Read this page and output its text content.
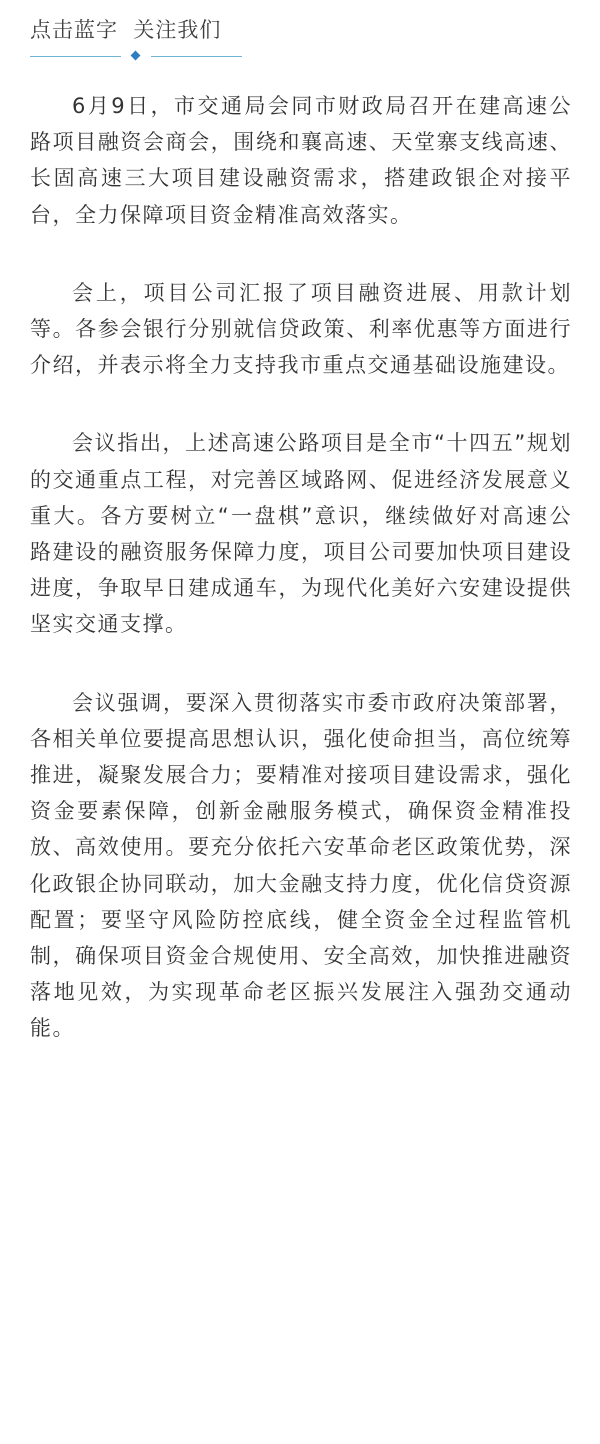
点击蓝字 关注我们

6月9日，市交通局会同市财政局召开在建高速公路项目融资会商会，围绕和襄高速、天堂寨支线高速、长固高速三大项目建设融资需求，搭建政银企对接平台，全力保障项目资金精准高效落实。

会上，项目公司汇报了项目融资进展、用款计划等。各参会银行分别就信贷政策、利率优惠等方面进行介绍，并表示将全力支持我市重点交通基础设施建设。

会议指出，上述高速公路项目是全市“十四五”规划的交通重点工程，对完善区域路网、促进经济发展意义重大。各方要树立“一盘棋”意识，继续做好对高速公路建设的融资服务保障力度，项目公司要加快项目建设进度，争取早日建成通车，为现代化美好六安建设提供坚实交通支撑。

会议强调，要深入贯彻落实市委市政府决策部署，各相关单位要提高思想认识，强化使命担当，高位统筹推进，凝聚发展合力；要精准对接项目建设需求，强化资金要素保障，创新金融服务模式，确保资金精准投放、高效使用。要充分依托六安革命老区政策优势，深化政银企协同联动，加大金融支持力度，优化信贷资源配置；要坚守风险防控底线，健全资金全过程监管机制，确保项目资金合规使用、安全高效，加快推进融资落地见效，为实现革命老区振兴发展注入强劲交通动能。
